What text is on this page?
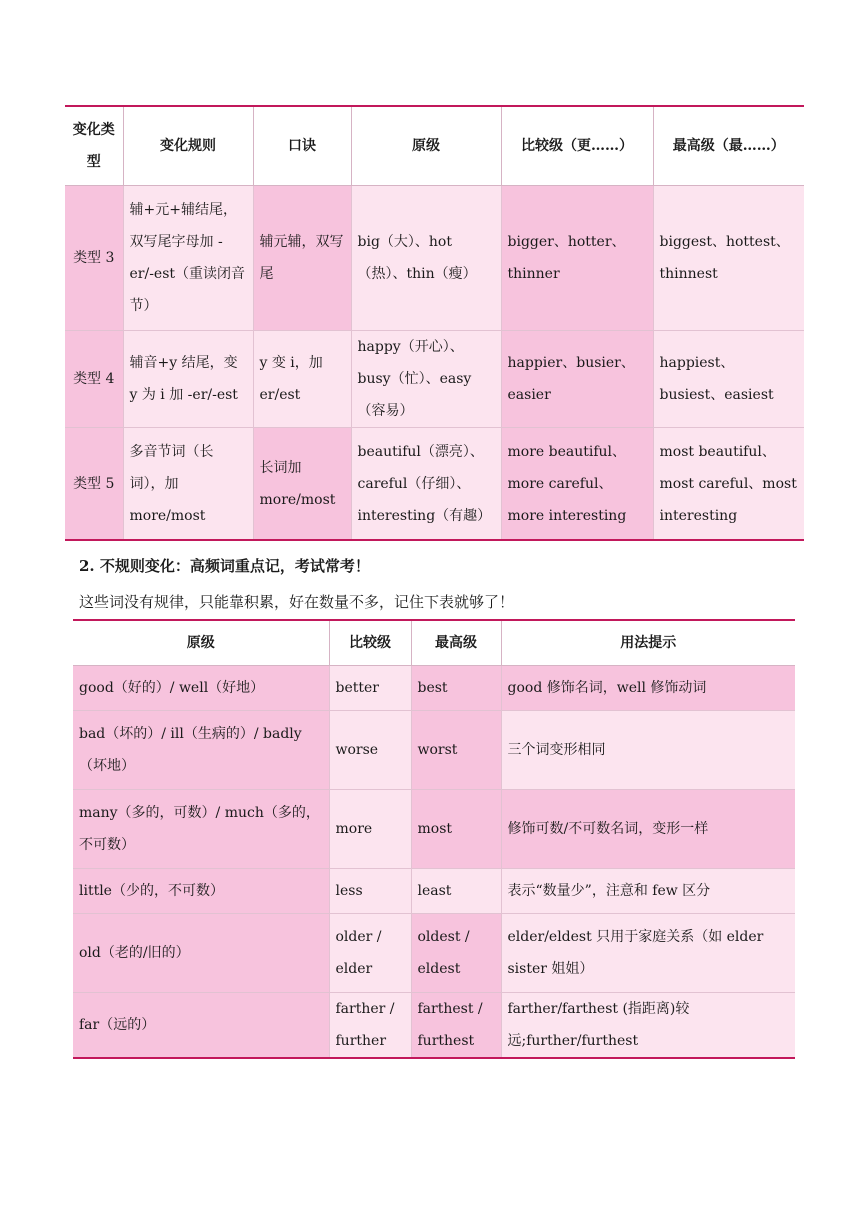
变化类型	变化规则	口诀	原级	比较级（更……）	最高级（最……）
类型 3	辅+元+辅结尾，双写尾字母加 -er/-est（重读闭音节）	辅元辅，双写尾	big（大）、hot（热）、thin（瘦）	bigger、hotter、thinner	biggest、hottest、thinnest
类型 4	辅音+y 结尾，变 y 为 i 加 -er/-est	y 变 i，加 er/est	happy（开心）、busy（忙）、easy（容易）	happier、busier、easier	happiest、busiest、easiest
类型 5	多音节词（长词），加 more/most	长词加 more/most	beautiful（漂亮）、careful（仔细）、interesting（有趣）	more beautiful、more careful、more interesting	most beautiful、most careful、most interesting

2. 不规则变化：高频词重点记，考试常考！

这些词没有规律，只能靠积累，好在数量不多，记住下表就够了！

原级	比较级	最高级	用法提示
good（好的）/ well（好地）	better	best	good 修饰名词，well 修饰动词
bad（坏的）/ ill（生病的）/ badly（坏地）	worse	worst	三个词变形相同
many（多的，可数）/ much（多的，不可数）	more	most	修饰可数/不可数名词，变形一样
little（少的，不可数）	less	least	表示“数量少”，注意和 few 区分
old（老的/旧的）	older / elder	oldest / eldest	elder/eldest 只用于家庭关系（如 elder sister 姐姐）
far（远的）	farther / further	farthest / furthest	farther/farthest (指距离)较远;further/furthest
